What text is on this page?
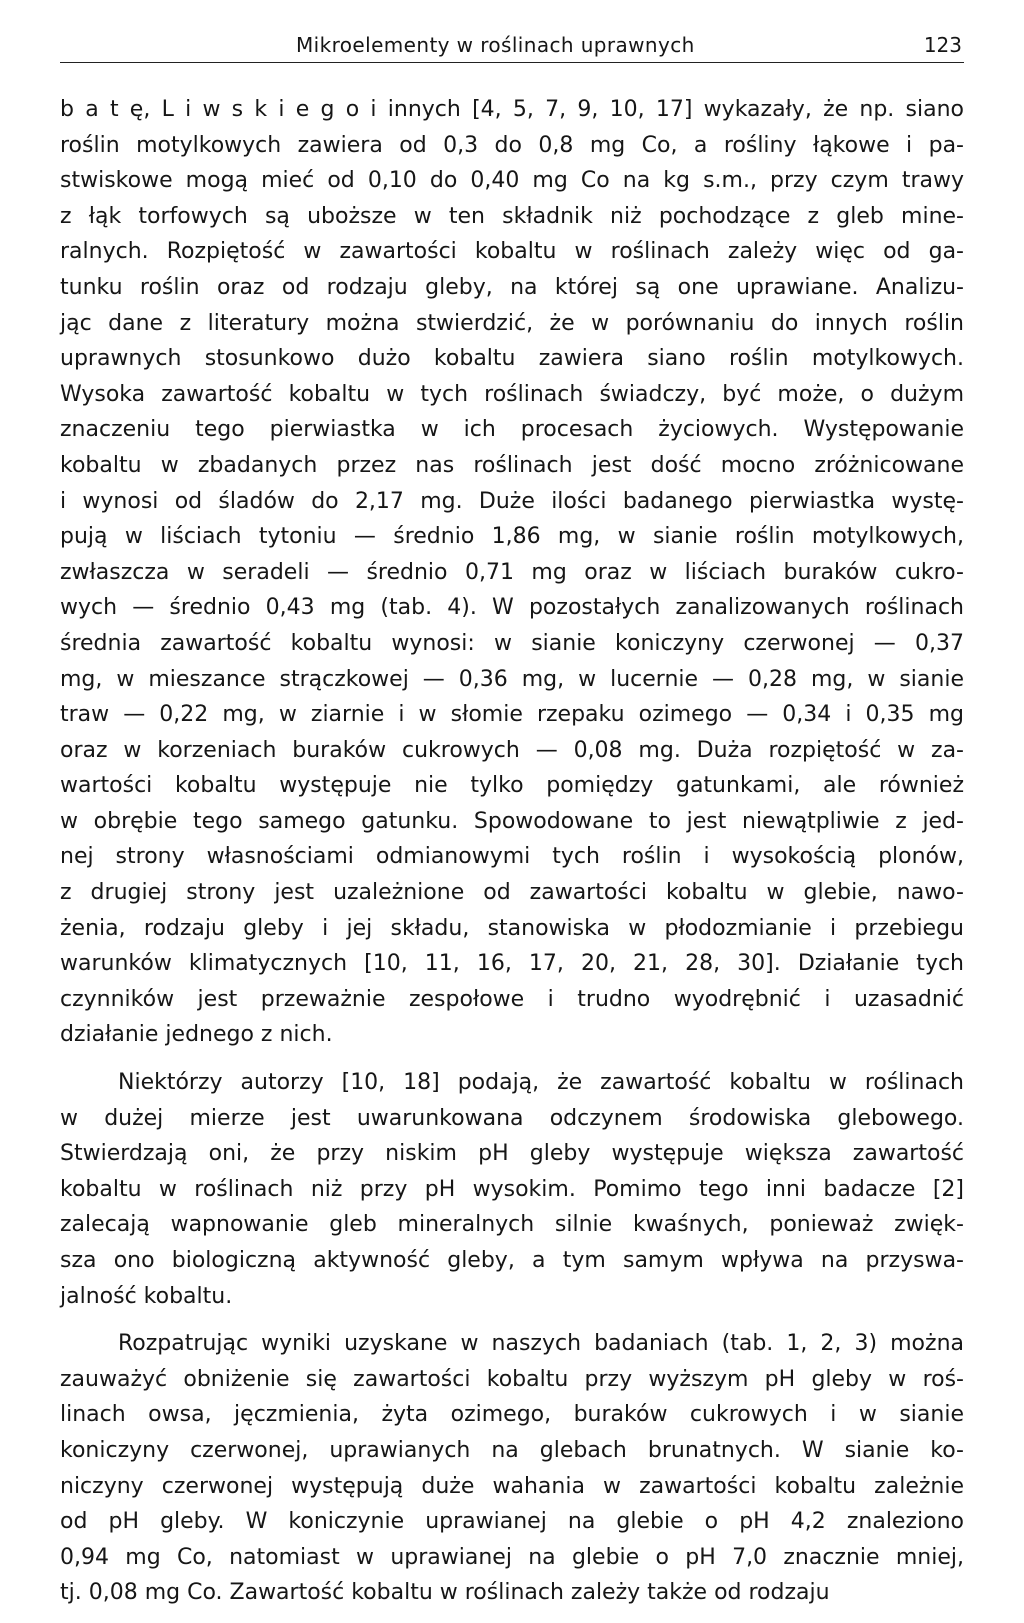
Mikroelementy w roślinach uprawnych	123
b a t ę, L i w s k i e g o i innych [4, 5, 7, 9, 10, 17] wykazały, że np. siano
roślin motylkowych zawiera od 0,3 do 0,8 mg Co, a rośliny łąkowe i pa-
stwiskowe mogą mieć od 0,10 do 0,40 mg Co na kg s.m., przy czym trawy
z łąk torfowych są uboższe w ten składnik niż pochodzące z gleb mine-
ralnych. Rozpiętość w zawartości kobaltu w roślinach zależy więc od ga-
tunku roślin oraz od rodzaju gleby, na której są one uprawiane. Analizu-
jąc dane z literatury można stwierdzić, że w porównaniu do innych roślin
uprawnych stosunkowo dużo kobaltu zawiera siano roślin motylkowych.
Wysoka zawartość kobaltu w tych roślinach świadczy, być może, o dużym
znaczeniu tego pierwiastka w ich procesach życiowych. Występowanie
kobaltu w zbadanych przez nas roślinach jest dość mocno zróżnicowane
i wynosi od śladów do 2,17 mg. Duże ilości badanego pierwiastka wystę-
pują w liściach tytoniu — średnio 1,86 mg, w sianie roślin motylkowych,
zwłaszcza w seradeli — średnio 0,71 mg oraz w liściach buraków cukro-
wych — średnio 0,43 mg (tab. 4). W pozostałych zanalizowanych roślinach
średnia zawartość kobaltu wynosi: w sianie koniczyny czerwonej — 0,37
mg, w mieszance strączkowej — 0,36 mg, w lucernie — 0,28 mg, w sianie
traw — 0,22 mg, w ziarnie i w słomie rzepaku ozimego — 0,34 i 0,35 mg
oraz w korzeniach buraków cukrowych — 0,08 mg. Duża rozpiętość w za-
wartości kobaltu występuje nie tylko pomiędzy gatunkami, ale również
w obrębie tego samego gatunku. Spowodowane to jest niewątpliwie z jed-
nej strony własnościami odmianowymi tych roślin i wysokością plonów,
z drugiej strony jest uzależnione od zawartości kobaltu w glebie, nawo-
żenia, rodzaju gleby i jej składu, stanowiska w płodozmianie i przebiegu
warunków klimatycznych [10, 11, 16, 17, 20, 21, 28, 30]. Działanie tych
czynników jest przeważnie zespołowe i trudno wyodrębnić i uzasadnić
działanie jednego z nich.
Niektórzy autorzy [10, 18] podają, że zawartość kobaltu w roślinach
w dużej mierze jest uwarunkowana odczynem środowiska glebowego.
Stwierdzają oni, że przy niskim pH gleby występuje większa zawartość
kobaltu w roślinach niż przy pH wysokim. Pomimo tego inni badacze [2]
zalecają wapnowanie gleb mineralnych silnie kwaśnych, ponieważ zwięk-
sza ono biologiczną aktywność gleby, a tym samym wpływa na przyswa-
jalność kobaltu.
Rozpatrując wyniki uzyskane w naszych badaniach (tab. 1, 2, 3) można
zauważyć obniżenie się zawartości kobaltu przy wyższym pH gleby w roś-
linach owsa, jęczmienia, żyta ozimego, buraków cukrowych i w sianie
koniczyny czerwonej, uprawianych na glebach brunatnych. W sianie ko-
niczyny czerwonej występują duże wahania w zawartości kobaltu zależnie
od pH gleby. W koniczynie uprawianej na glebie o pH 4,2 znaleziono
0,94 mg Co, natomiast w uprawianej na glebie o pH 7,0 znacznie mniej,
tj. 0,08 mg Co. Zawartość kobaltu w roślinach zależy także od rodzaju
